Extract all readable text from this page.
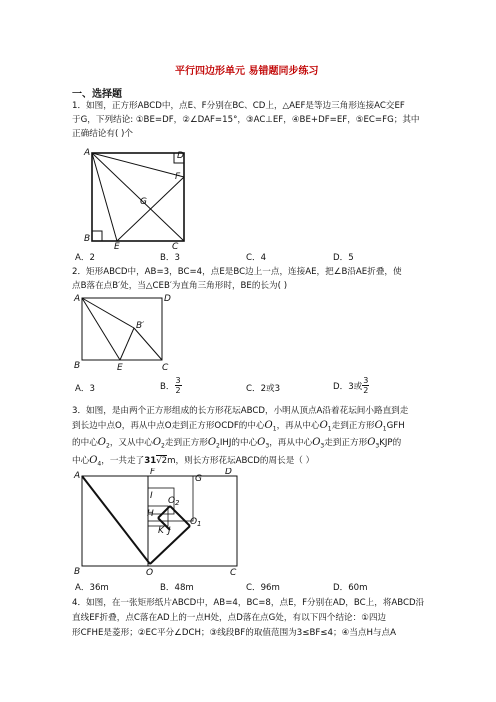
平行四边形单元 易错题同步练习
一、选择题
1．如图，正方形ABCD中，点E、F分别在BC、CD上，△AEF是等边三角形连接AC交EF
于G，下列结论: ①BE=DF，②∠DAF=15°，③AC⊥EF，④BE+DF=EF，⑤EC=FG；其中
正确结论有( )个
A	D
F
G
B
E	C
A．2	B．3	C．4	D．5
2．矩形ABCD中，AB=3，BC=4，点E是BC边上一点，连接AE，把∠B沿AE折叠，使
点B落在点B′处，当△CEB′为直角三角形时，BE的长为( )
A	D
B′
B	E	C
A．3	B． $\frac{3}{2}$	C．2或3	D．3或 $\frac{3}{2}$
3．如图，是由两个正方形组成的长方形花坛ABCD，小明从顶点A沿着花坛间小路直到走
到长边中点O，再从中点O走到正方形OCDF的中心$O_1$，再从中心$O_1$走到正方形$O_1GFH$
的中心$O_2$，又从中心$O_2$走到正方形$O_2IHJ$的中心$O_3$，再从中心$O_3$走到正方形$O_3KJP$的
中心$O_4$，一共走了31√2m，则长方形花坛ABCD的周长是（ ）
A	F
G
D
I O 2
H
O 1
K J
B	O	C
A．36m	B．48m	C．96m	D．60m
4．如图，在一张矩形纸片ABCD中，AB=4，BC=8，点E，F分别在AD，BC上，将ABCD沿
直线EF折叠，点C落在AD上的一点H处，点D落在点G处，有以下四个结论：①四边
形CFHE是菱形；②EC平分∠DCH；③线段BF的取值范围为3≤BF≤4；④当点H与点A
